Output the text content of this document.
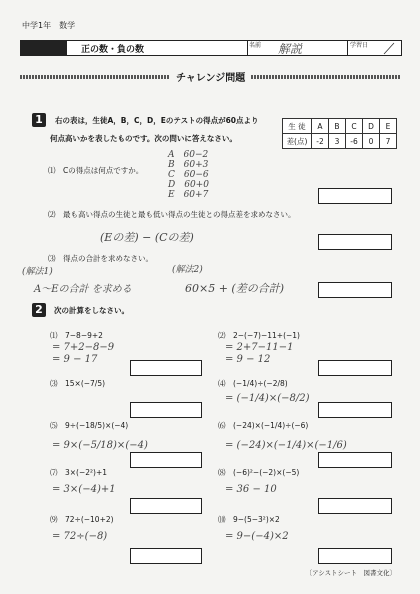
中学1年　数学
正の数・負の数	名前 解説	学習日
チャレンジ問題
1	右の表は，生徒A，B，C，D，Eのテストの得点が60点より
何点高いかを表したものです。次の問いに答えなさい。
生 徒	A	B	C	D	E
差(点)	-2	3	-6	0	7
⑴　Cの得点は何点ですか。
A　60−2
B　60+3
C　60−6
D　60+0
E　60+7
⑵　最も高い得点の生徒と最も低い得点の生徒との得点差を求めなさい。
(Eの差) − (Cの差)
⑶　得点の合計を求めなさい。
(解法1)	(解法2)
A〜Eの合計 を求める	60×5 + (差の合計)
2	次の計算をしなさい。
⑴　7−8−9+2
= 7+2−8−9
= 9 − 17
⑵　2−(−7)−11+(−1)
= 2+7−11−1
= 9 − 12
⑶　15×(−7/5)	⑷　(−1/4)÷(−2/8)
= (−1/4)×(−8/2)
⑸　9÷(−18/5)×(−4)
= 9×(−5/18)×(−4)
⑹　(−24)×(−1/4)÷(−6)
= (−24)×(−1/4)×(−1/6)
⑺　3×(−2²)+1
= 3×(−4)+1
⑻　(−6)²−(−2)×(−5)
= 36 − 10
⑼　72÷(−10+2)
= 72÷(−8)
⑽　9−(5−3²)×2
= 9−(−4)×2
〔アシストシート　図書文化〕
